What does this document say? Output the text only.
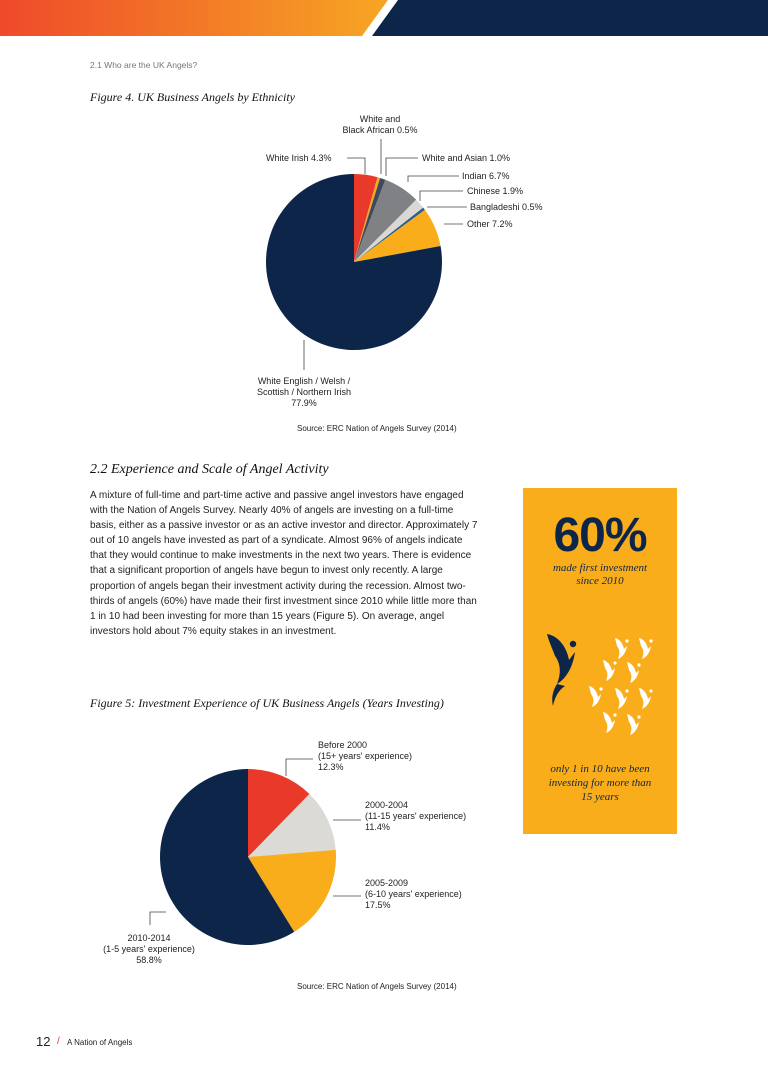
2.1 Who are the UK Angels?
Figure 4. UK Business Angels by Ethnicity
White and
Black African 0.5%
White Irish 4.3%	White and Asian 1.0%
Indian 6.7%
Chinese 1.9%
Bangladeshi 0.5%
Other 7.2%
White English / Welsh /
Scottish / Northern Irish
77.9%
Source: ERC Nation of Angels Survey (2014)
2.2 Experience and Scale of Angel Activity
A mixture of full-time and part-time active and passive angel investors have engaged with the Nation of Angels Survey. Nearly 40% of angels are investing on a full-time basis, either as a passive investor or as an active investor and director. Approximately 7 out of 10 angels have invested as part of a syndicate. Almost 96% of angels indicate that they would continue to make investments in the next two years. There is evidence that a significant proportion of angels have begun to invest only recently. A large proportion of angels began their investment activity during the recession. Almost two-thirds of angels (60%) have made their first investment since 2010 while little more than 1 in 10 had been investing for more than 15 years (Figure 5). On average, angel investors hold about 7% equity stakes in an investment.
60%
made first investment
since 2010
only 1 in 10 have been
investing for more than
15 years
Figure 5: Investment Experience of UK Business Angels (Years Investing)
Before 2000
(15+ years' experience)
12.3%
2000-2004
(11-15 years' experience)
11.4%
2005-2009
(6-10 years' experience)
17.5%
2010-2014
(1-5 years' experience)
58.8%
Source: ERC Nation of Angels Survey (2014)
12 / A Nation of Angels
